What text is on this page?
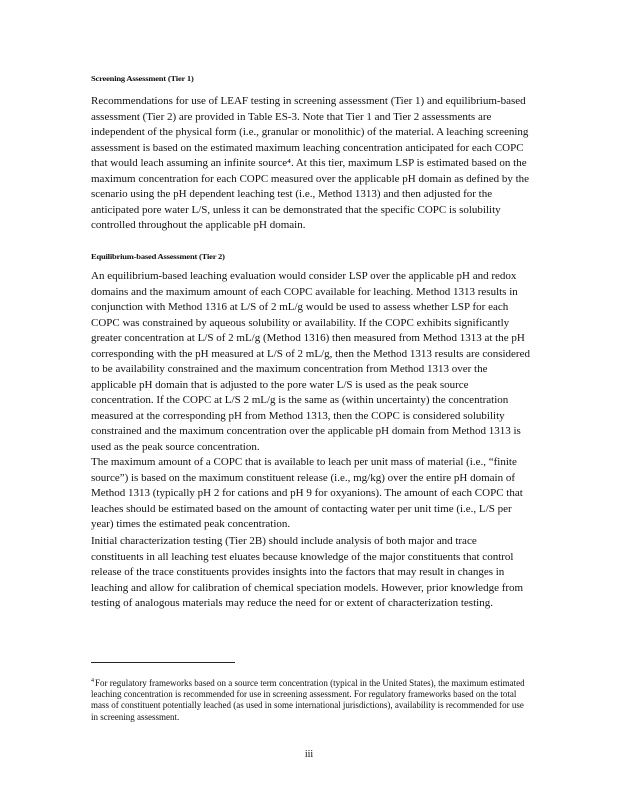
Screening Assessment (Tier 1)

Recommendations for use of LEAF testing in screening assessment (Tier 1) and equilibrium‐based assessment (Tier 2) are provided in Table ES‐3. Note that Tier 1 and Tier 2 assessments are independent of the physical form (i.e., granular or monolithic) of the material. A leaching screening assessment is based on the estimated maximum leaching concentration anticipated for each COPC that would leach assuming an infinite source⁴. At this tier, maximum LSP is estimated based on the maximum concentration for each COPC measured over the applicable pH domain as defined by the scenario using the pH dependent leaching test (i.e., Method 1313) and then adjusted for the anticipated pore water L/S, unless it can be demonstrated that the specific COPC is solubility controlled throughout the applicable pH domain.

Equilibrium‐based Assessment (Tier 2)

An equilibrium‐based leaching evaluation would consider LSP over the applicable pH and redox domains and the maximum amount of each COPC available for leaching. Method 1313 results in conjunction with Method 1316 at L/S of 2 mL/g would be used to assess whether LSP for each COPC was constrained by aqueous solubility or availability. If the COPC exhibits significantly greater concentration at L/S of 2 mL/g (Method 1316) then measured from Method 1313 at the pH corresponding with the pH measured at L/S of 2 mL/g, then the Method 1313 results are considered to be availability constrained and the maximum concentration from Method 1313 over the applicable pH domain that is adjusted to the pore water L/S is used as the peak source concentration. If the COPC at L/S 2 mL/g is the same as (within uncertainty) the concentration measured at the corresponding pH from Method 1313, then the COPC is considered solubility constrained and the maximum concentration over the applicable pH domain from Method 1313 is used as the peak source concentration.

The maximum amount of a COPC that is available to leach per unit mass of material (i.e., “finite source”) is based on the maximum constituent release (i.e., mg/kg) over the entire pH domain of Method 1313 (typically pH 2 for cations and pH 9 for oxyanions). The amount of each COPC that leaches should be estimated based on the amount of contacting water per unit time (i.e., L/S per year) times the estimated peak concentration.

Initial characterization testing (Tier 2B) should include analysis of both major and trace constituents in all leaching test eluates because knowledge of the major constituents that control release of the trace constituents provides insights into the factors that may result in changes in leaching and allow for calibration of chemical speciation models. However, prior knowledge from testing of analogous materials may reduce the need for or extent of characterization testing.

$^4$For regulatory frameworks based on a source term concentration (typical in the United States), the maximum estimated leaching concentration is recommended for use in screening assessment. For regulatory frameworks based on the total mass of constituent potentially leached (as used in some international jurisdictions), availability is recommended for use in screening assessment.

iii
